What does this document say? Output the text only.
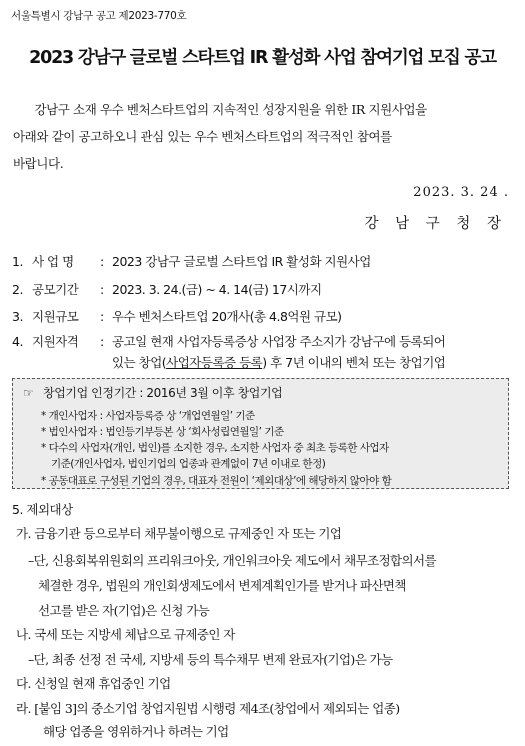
서울특별시 강남구 공고 제2023-770호
2023 강남구 글로벌 스타트업 IR 활성화 사업 참여기업 모집 공고

강남구 소재 우수 벤처스타트업의 지속적인 성장지원을 위한 IR 지원사업을

아래와 같이 공고하오니 관심 있는 우수 벤처스타트업의 적극적인 참여를

바랍니다.

2023. 3. 24 .
강 남 구 청 장
1. 사 업 명 : 2023 강남구 글로벌 스타트업 IR 활성화 지원사업
2. 공모기간 : 2023. 3. 24.(금) ~ 4. 14(금) 17시까지
3. 지원규모 : 우수 벤처스타트업 20개사(총 4.8억원 규모)
4. 지원자격 : 공고일 현재 사업자등록증상 사업장 주소지가 강남구에 등록되어
있는 창업(사업자등록증 등록) 후 7년 이내의 벤처 또는 창업기업
☞ 창업기업 인정기간 : 2016년 3월 이후 창업기업
* 개인사업자 : 사업자등록증 상 ‘개업연월일’ 기준
* 법인사업자 : 법인등기부등본 상 ‘회사성립연월일’ 기준
* 다수의 사업자(개인, 법인)를 소지한 경우, 소지한 사업자 중 최초 등록한 사업자
기준(개인사업자, 법인기업의 업종과 관계없이 7년 이내로 한정)
* 공동대표로 구성된 기업의 경우, 대표자 전원이 ‘제외대상’에 해당하지 않아야 함
5. 제외대상
가. 금융기관 등으로부터 채무불이행으로 규제중인 자 또는 기업
–단, 신용회복위원회의 프리워크아웃, 개인워크아웃 제도에서 채무조정합의서를
체결한 경우, 법원의 개인회생제도에서 변제계획인가를 받거나 파산면책
선고를 받은 자(기업)은 신청 가능
나. 국세 또는 지방세 체납으로 규제중인 자
–단, 최종 선정 전 국세, 지방세 등의 특수채무 변제 완료자(기업)은 가능
다. 신청일 현재 휴업중인 기업
라. [붙임 3]의 중소기업 창업지원법 시행령 제4조(창업에서 제외되는 업종)
해당 업종을 영위하거나 하려는 기업
